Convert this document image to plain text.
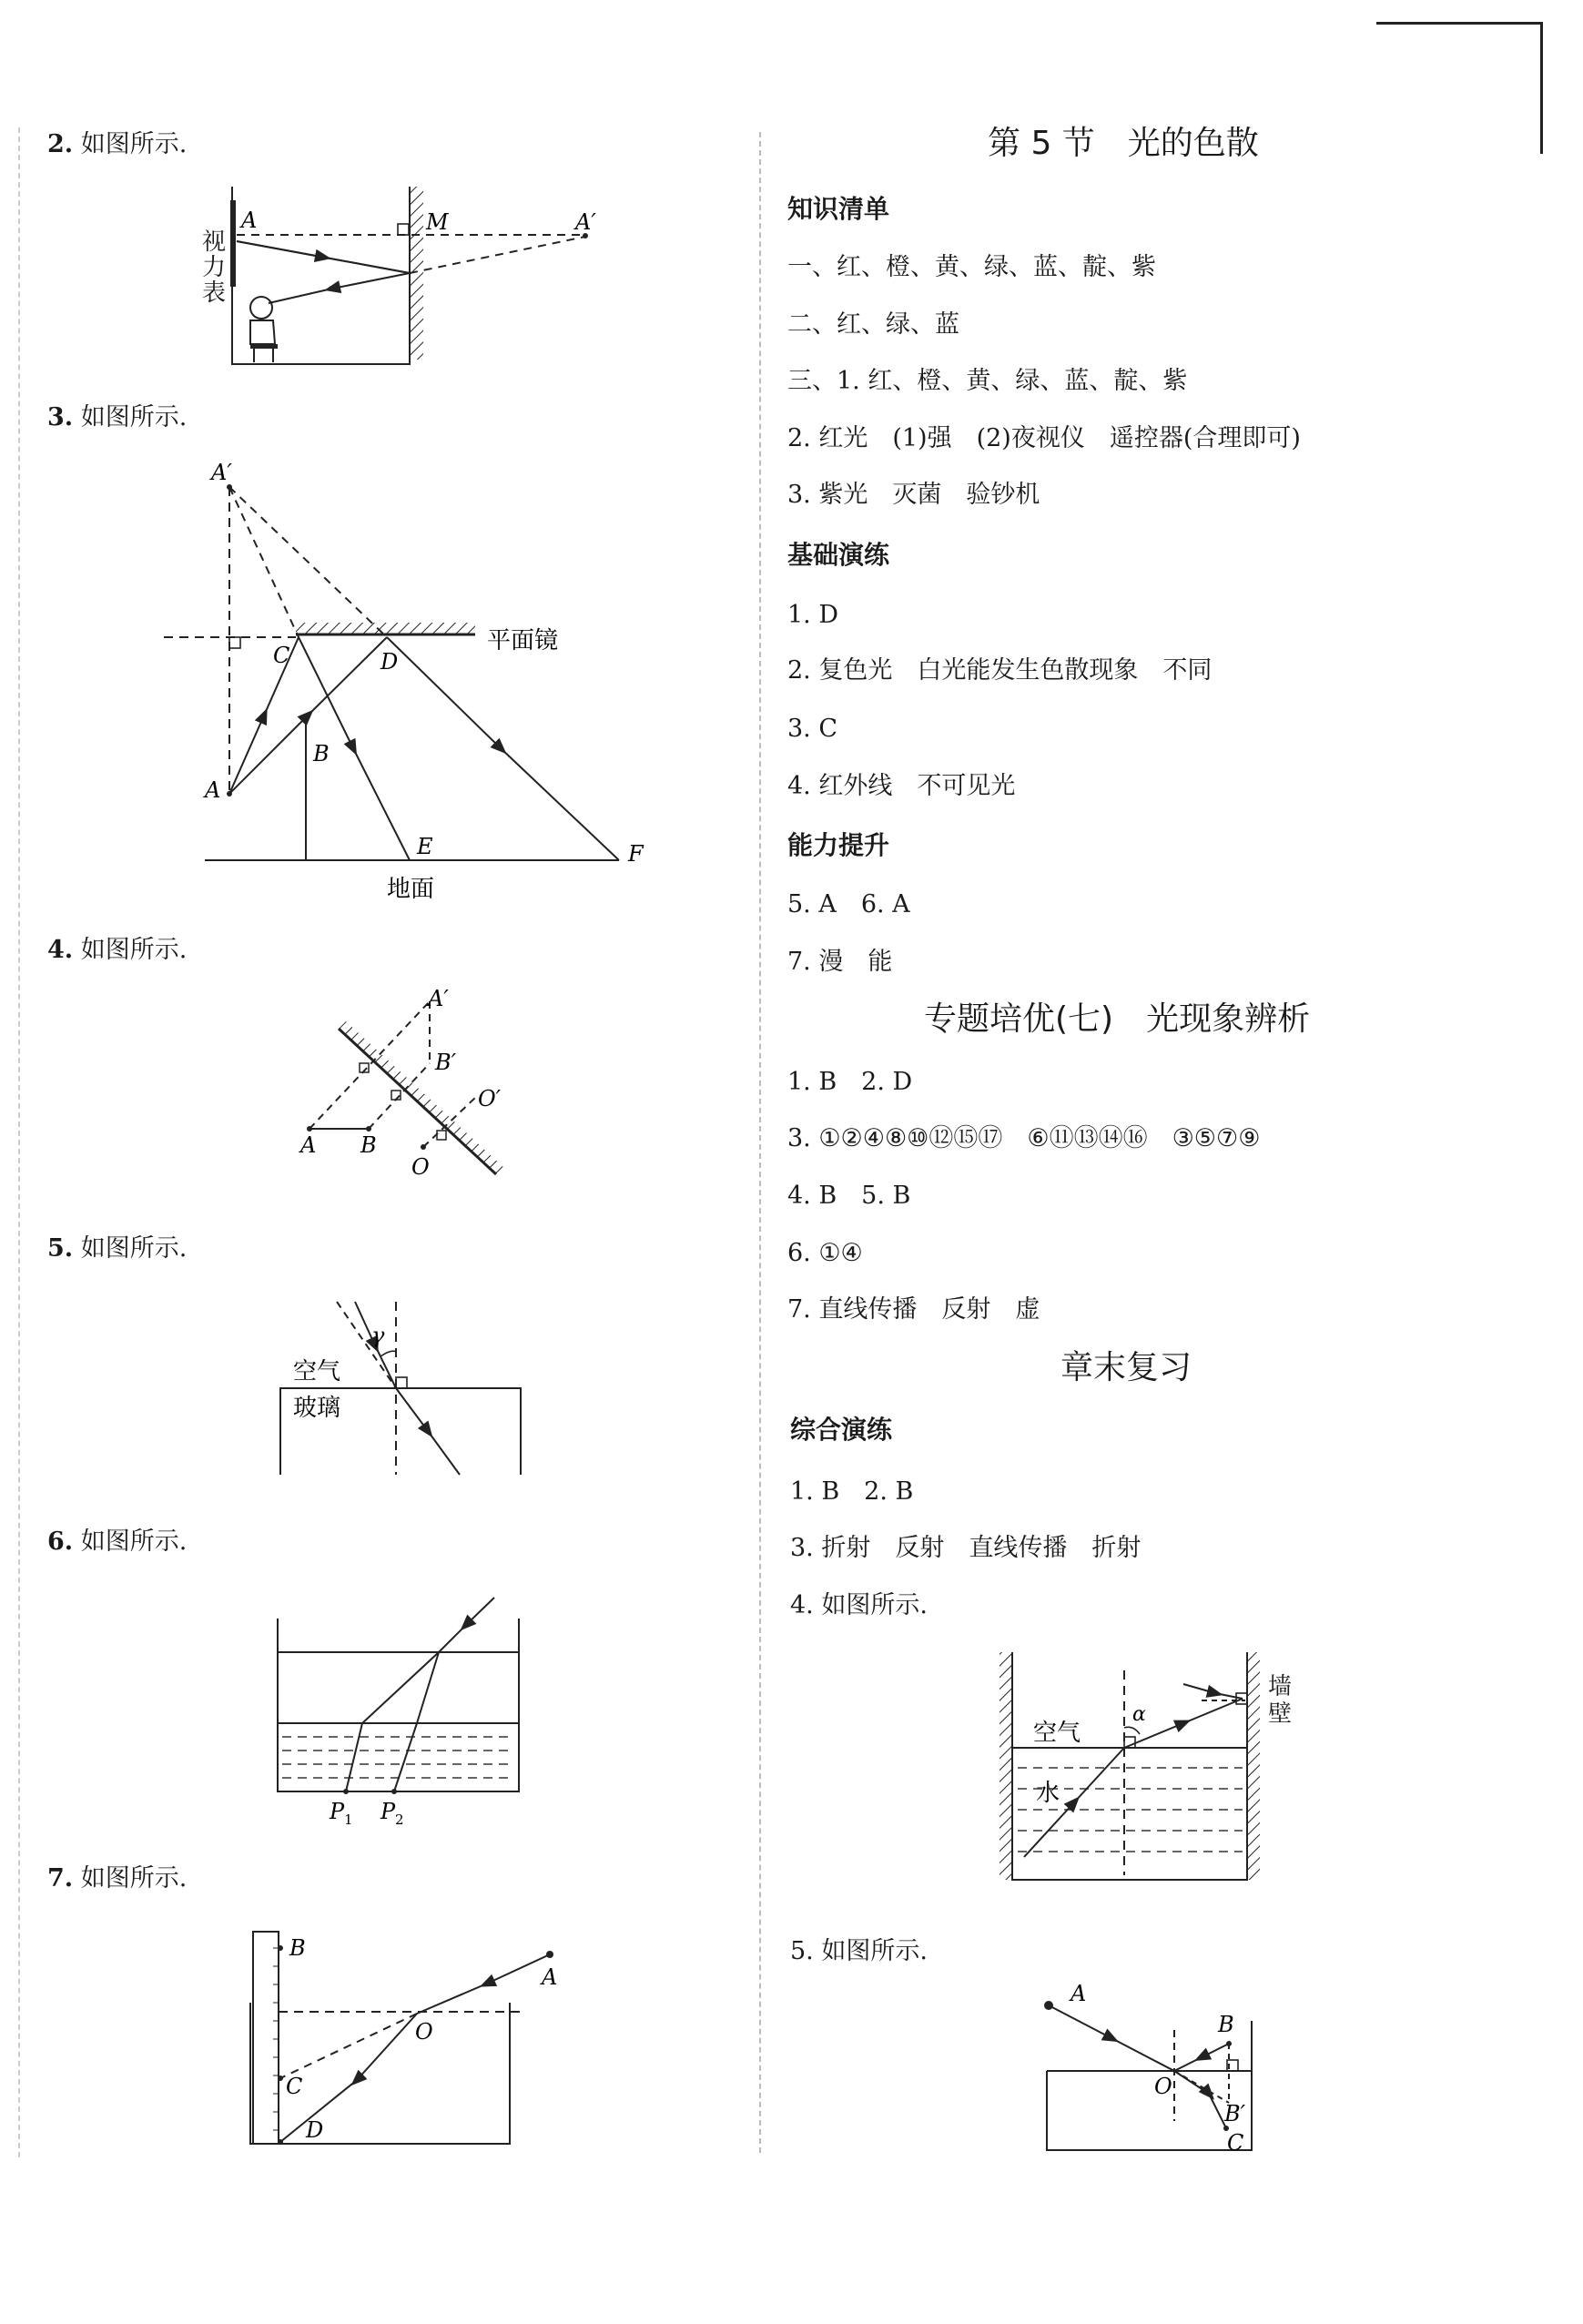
2. 如图所示.
A	M	A′
视力表
3. 如图所示.
A′
C	D
A
B
E	F
平面镜
地面
4. 如图所示.
A′
B′
O′
A B
O
5. 如图所示.
γ
空气
玻璃
6. 如图所示.
P 1 P 2
7. 如图所示.
B
A
O
C
D
第 5 节　光的色散
知识清单
一、红、橙、黄、绿、蓝、靛、紫
二、红、绿、蓝
三、1. 红、橙、黄、绿、蓝、靛、紫
2. 红光　(1)强　(2)夜视仪　遥控器(合理即可)
3. 紫光　灭菌　验钞机
基础演练
1. D
2. 复色光　白光能发生色散现象　不同
3. C
4. 红外线　不可见光
能力提升
5. A　6. A
7. 漫　能
专题培优(七)　光现象辨析
1. B　2. D
3. ①②④⑧⑩⑫⑮⑰　⑥⑪⑬⑭⑯　③⑤⑦⑨
4. B　5. B
6. ①④
7. 直线传播　反射　虚
章末复习
综合演练
1. B　2. B
3. 折射　反射　直线传播　折射
4. 如图所示.
空气
水
α
墙壁
5. 如图所示.
A
B
O
B′
C
